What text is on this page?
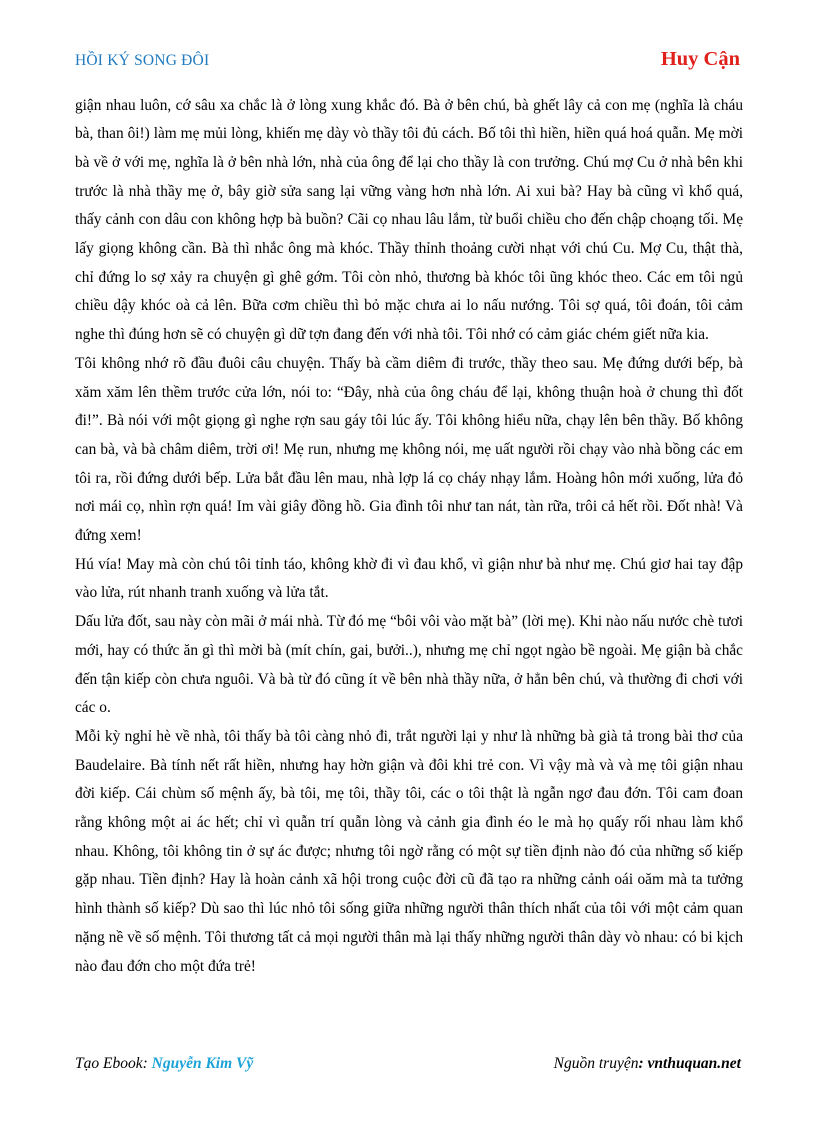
HỒI KÝ SONG ĐÔI	Huy Cận

giận nhau luôn, cớ sâu xa chắc là ở lòng xung khắc đó. Bà ở bên chú, bà ghết lây cả con mẹ (nghĩa là cháu bà, than ôi!) làm mẹ mủi lòng, khiến mẹ dày vò thầy tôi đủ cách. Bố tôi thì hiền, hiền quá hoá quẫn. Mẹ mời bà về ở với mẹ, nghĩa là ở bên nhà lớn, nhà của ông để lại cho thầy là con trưởng. Chú mợ Cu ở nhà bên khi trước là nhà thầy mẹ ở, bây giờ sửa sang lại vững vàng hơn nhà lớn. Ai xui bà? Hay bà cũng vì khổ quá, thấy cảnh con dâu con không hợp bà buồn? Cãi cọ nhau lâu lắm, từ buổi chiều cho đến chập choạng tối. Mẹ lấy giọng không cần. Bà thì nhắc ông mà khóc. Thầy thỉnh thoảng cười nhạt với chú Cu. Mợ Cu, thật thà, chỉ đứng lo sợ xảy ra chuyện gì ghê gớm. Tôi còn nhỏ, thương bà khóc tôi ũng khóc theo. Các em tôi ngủ chiều dậy khóc oà cả lên. Bữa cơm chiều thì bỏ mặc chưa ai lo nấu nướng. Tôi sợ quá, tôi đoán, tôi cảm nghe thì đúng hơn sẽ có chuyện gì dữ tợn đang đến với nhà tôi. Tôi nhớ có cảm giác chém giết nữa kia.

Tôi không nhớ rõ đầu đuôi câu chuyện. Thấy bà cầm diêm đi trước, thầy theo sau. Mẹ đứng dưới bếp, bà xăm xăm lên thềm trước cửa lớn, nói to: “Đây, nhà của ông cháu để lại, không thuận hoà ở chung thì đốt đi!”. Bà nói với một giọng gì nghe rợn sau gáy tôi lúc ấy. Tôi không hiểu nữa, chạy lên bên thầy. Bố không can bà, và bà châm diêm, trời ơi! Mẹ run, nhưng mẹ không nói, mẹ uất người rồi chạy vào nhà bồng các em tôi ra, rồi đứng dưới bếp. Lửa bắt đầu lên mau, nhà lợp lá cọ cháy nhạy lắm. Hoàng hôn mới xuống, lửa đỏ nơi mái cọ, nhìn rợn quá! Im vài giây đồng hồ. Gia đình tôi như tan nát, tàn rữa, trôi cả hết rồi. Đốt nhà! Và đứng xem!

Hú vía! May mà còn chú tôi tỉnh táo, không khờ đi vì đau khổ, vì giận như bà như mẹ. Chú giơ hai tay đập vào lửa, rút nhanh tranh xuống và lửa tắt.

Dấu lửa đốt, sau này còn mãi ở mái nhà. Từ đó mẹ “bôi vôi vào mặt bà” (lời mẹ). Khi nào nấu nước chè tươi mới, hay có thức ăn gì thì mời bà (mít chín, gai, bưởi..), nhưng mẹ chỉ ngọt ngào bề ngoài. Mẹ giận bà chắc đến tận kiếp còn chưa nguôi. Và bà từ đó cũng ít về bên nhà thầy nữa, ở hẳn bên chú, và thường đi chơi với các o.

Mỗi kỳ nghỉ hè về nhà, tôi thấy bà tôi càng nhỏ đi, trắt người lại y như là những bà già tả trong bài thơ của Baudelaire. Bà tính nết rất hiền, nhưng hay hờn giận và đôi khi trẻ con. Vì vậy mà và và mẹ tôi giận nhau đời kiếp. Cái chùm số mệnh ấy, bà tôi, mẹ tôi, thầy tôi, các o tôi thật là ngẫn ngơ đau đớn. Tôi cam đoan rằng không một ai ác hết; chỉ vì quẫn trí quẫn lòng và cảnh gia đình éo le mà họ quấy rối nhau làm khổ nhau. Không, tôi không tin ở sự ác được; nhưng tôi ngờ rằng có một sự tiền định nào đó của những số kiếp gặp nhau. Tiền định? Hay là hoàn cảnh xã hội trong cuộc đời cũ đã tạo ra những cảnh oái oăm mà ta tưởng hình thành số kiếp? Dù sao thì lúc nhỏ tôi sống giữa những người thân thích nhất của tôi với một cảm quan nặng nề về số mệnh. Tôi thương tất cả mọi người thân mà lại thấy những người thân dày vò nhau: có bi kịch nào đau đớn cho một đứa trẻ!

Tạo Ebook: Nguyễn Kim Vỹ	Nguồn truyện: vnthuquan.net
